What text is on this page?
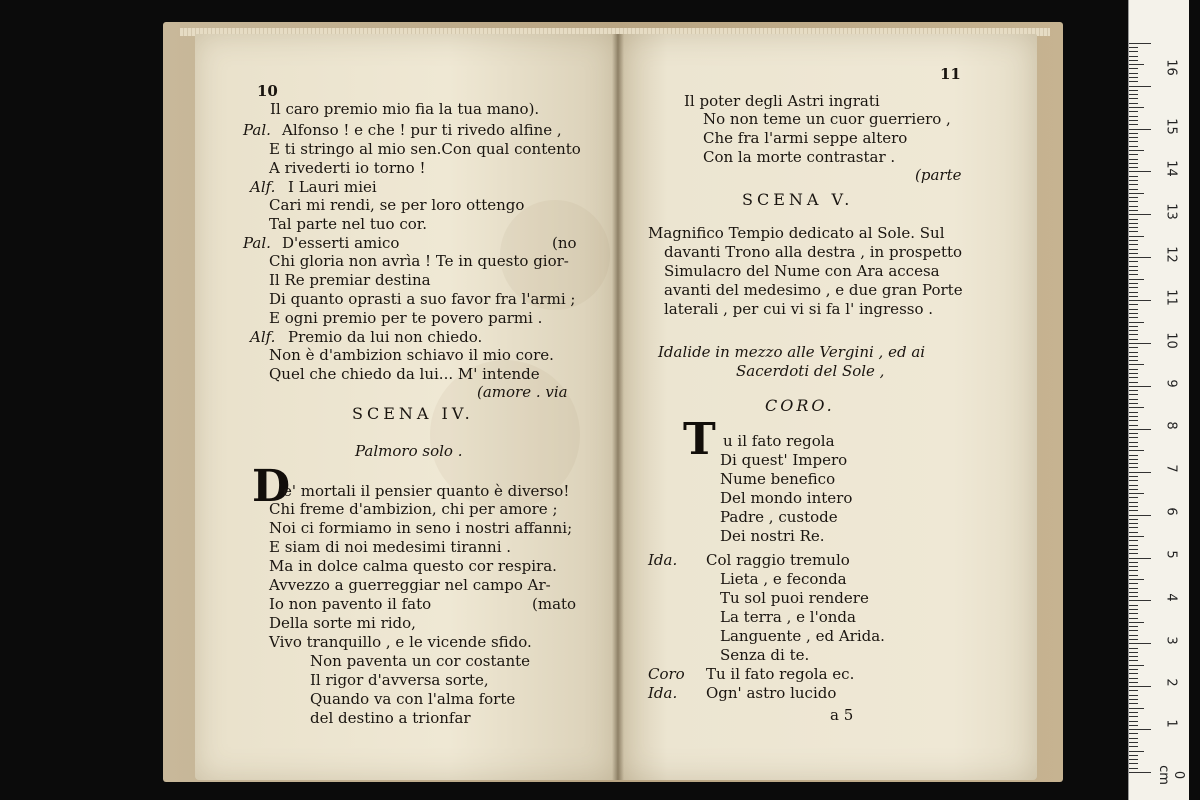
10
Il caro premio mio fia la tua mano).
Pal. Alfonso ! e che ! pur ti rivedo alfine ,
E ti stringo al mio sen.Con qual contento
A rivederti io torno !
Alf. I Lauri miei
Cari mi rendi, se per loro ottengo
Tal parte nel tuo cor.
Pal. D'esserti amico	(no
Chi gloria non avrìa ! Te in questo gior-
Il Re premiar destina
Di quanto oprasti a suo favor fra l'armi ;
E ogni premio per te povero parmi .
Alf. Premio da lui non chiedo.
Non è d'ambizion schiavo il mio core.
Quel che chiedo da lui... M' intende
(amore . via
SCENA IV.
Palmoro solo .
D
e' mortali il pensier quanto è diverso!
Chi freme d'ambizion, chi per amore ;
Noi ci formiamo in seno i nostri affanni;
E siam di noi medesimi tiranni .
Ma in dolce calma questo cor respira.
Avvezzo a guerreggiar nel campo Ar-
Io non pavento il fato	(mato
Della sorte mi rido,
Vivo tranquillo , e le vicende sfido.
Non paventa un cor costante
Il rigor d'avversa sorte,
Quando va con l'alma forte
del destino a trionfar
11
Il poter degli Astri ingrati
No non teme un cuor guerriero ,
Che fra l'armi seppe altero
Con la morte contrastar .
(parte
SCENA V.
Magnifico Tempio dedicato al Sole. Sul
davanti Trono alla destra , in prospetto
Simulacro del Nume con Ara accesa
avanti del medesimo , e due gran Porte
laterali , per cui vi si fa l' ingresso .
Idalide in mezzo alle Vergini , ed ai
Sacerdoti del Sole ,
CORO.
T u il fato regola
Di quest' Impero
Nume benefico
Del mondo intero
Padre , custode
Dei nostri Re.
Ida. Col raggio tremulo
Lieta , e feconda
Tu sol puoi rendere
La terra , e l'onda
Languente , ed Arida.
Senza di te.
Coro Tu il fato regola ec.
Ida. Ogn' astro lucido
a 5
0 cm
1
2
3
4
5
6
7
8
9
10
11
12
13
14
15
16
